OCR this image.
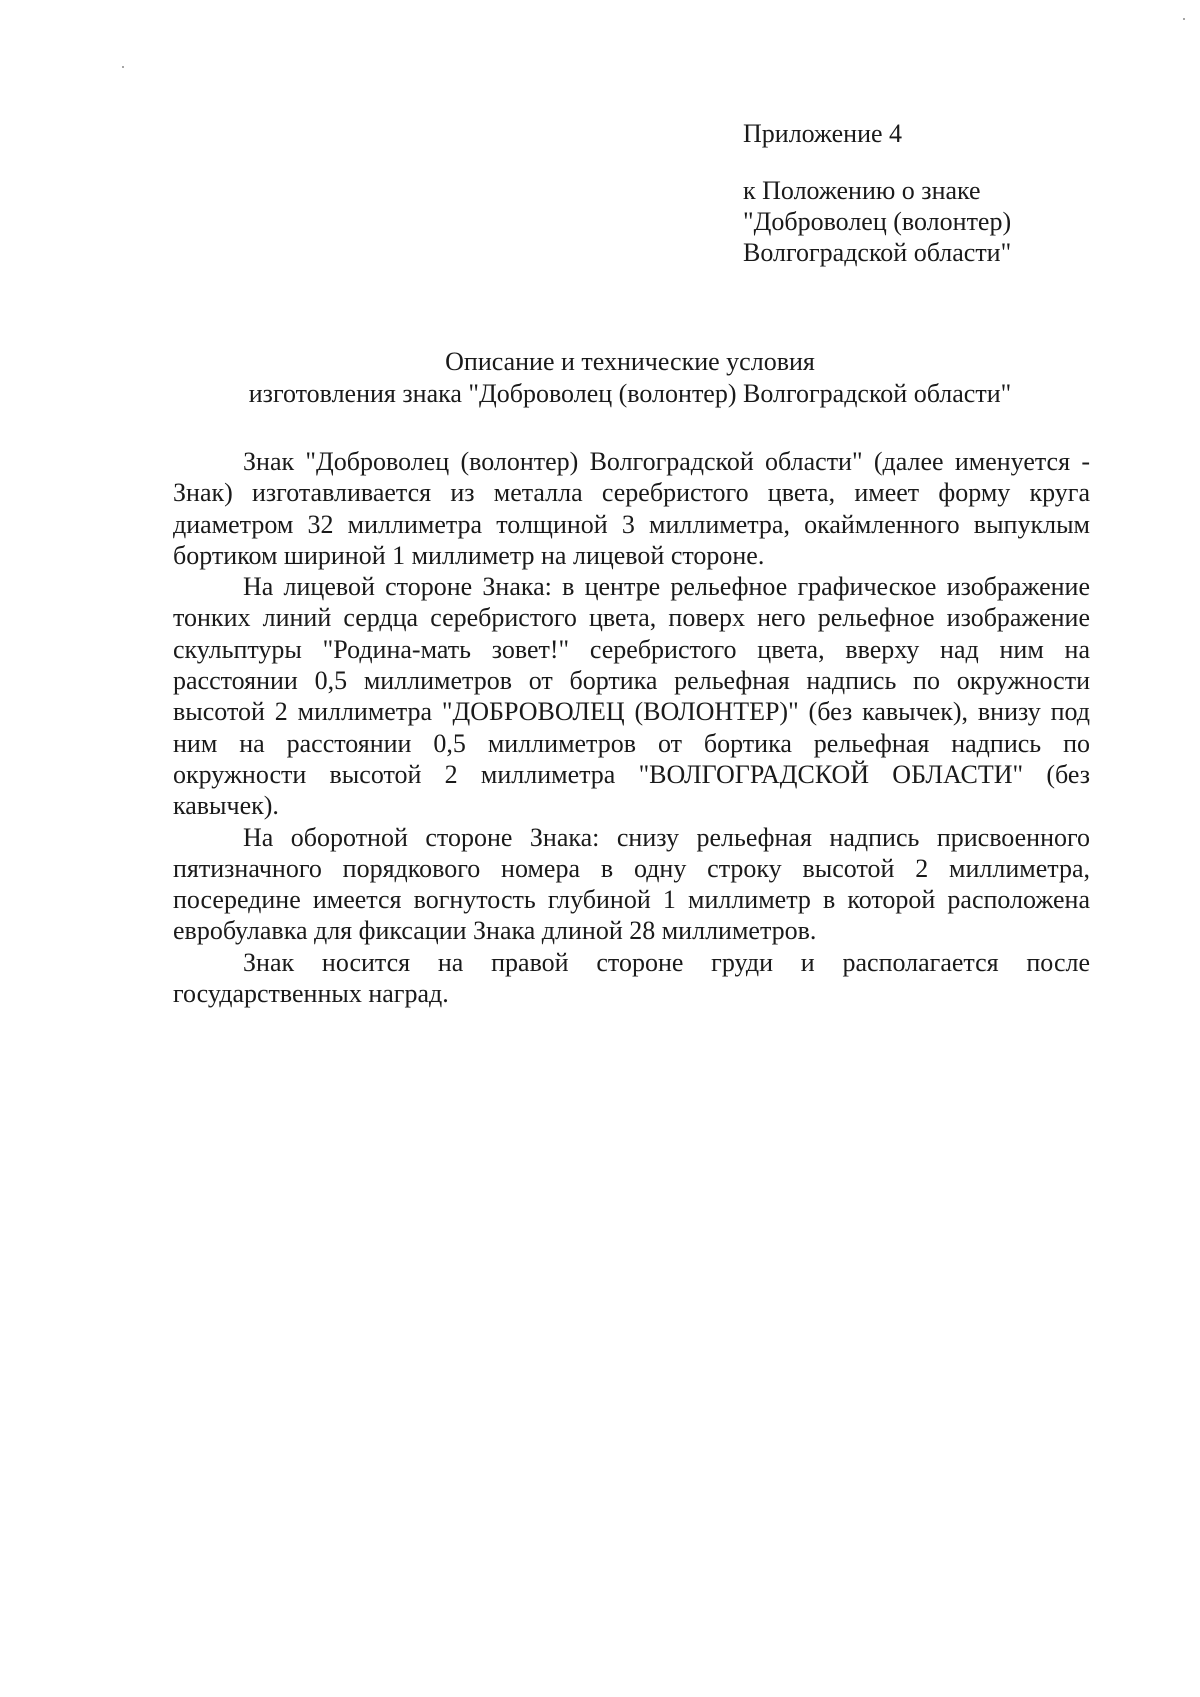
Приложение 4
к Положению о знаке
"Доброволец (волонтер)
Волгоградской области"
Описание и технические условия
изготовления знака "Доброволец (волонтер) Волгоградской области"

Знак "Доброволец (волонтер) Волгоградской области" (далее именуется - Знак) изготавливается из металла серебристого цвета, имеет форму круга диаметром 32 миллиметра толщиной 3 миллиметра, окаймленного выпуклым бортиком шириной 1 миллиметр на лицевой стороне.

На лицевой стороне Знака: в центре рельефное графическое изображение тонких линий сердца серебристого цвета, поверх него рельефное изображение скульптуры "Родина-мать зовет!" серебристого цвета, вверху над ним на расстоянии 0,5 миллиметров от бортика рельефная надпись по окружности высотой 2 миллиметра "ДОБРОВОЛЕЦ (ВОЛОНТЕР)" (без кавычек), внизу под ним на расстоянии 0,5 миллиметров от бортика рельефная надпись по окружности высотой 2 миллиметра "ВОЛГОГРАДСКОЙ ОБЛАСТИ" (без кавычек).

На оборотной стороне Знака: снизу рельефная надпись присвоенного пятизначного порядкового номера в одну строку высотой 2 миллиметра, посередине имеется вогнутость глубиной 1 миллиметр в которой расположена евробулавка для фиксации Знака длиной 28 миллиметров.

Знак носится на правой стороне груди и располагается после государственных наград.
